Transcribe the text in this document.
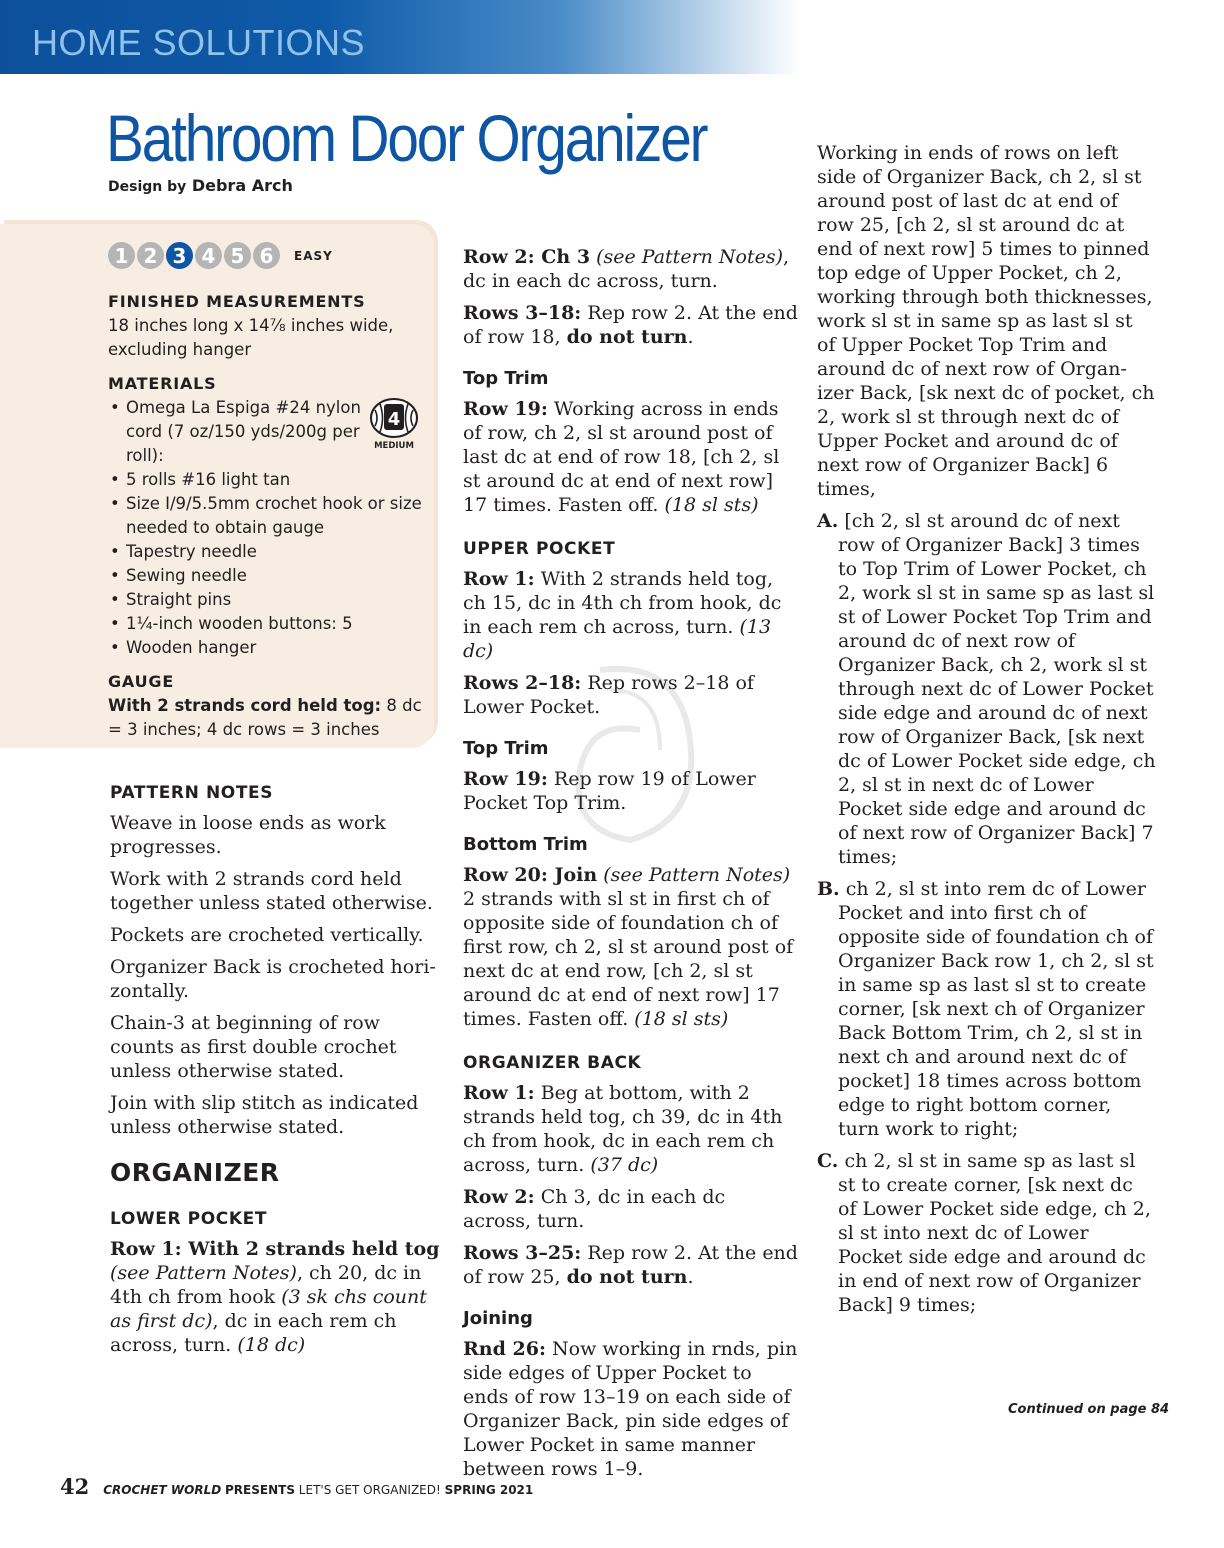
HOME SOLUTIONS
Bathroom Door Organizer
Design by Debra Arch
1 2 3 4 5 6	EASY
4
MEDIUM
FINISHED MEASUREMENTS

18 inches long x 14⅞ inches wide, excluding hanger

MATERIALS
• Omega La Espiga #24 nylon cord (7 oz/150 yds/200g per roll):
• 5 rolls #16 light tan
• Size I/9/5.5mm crochet hook or size needed to obtain gauge
• Tapestry needle
• Sewing needle
• Straight pins
• 1¼-inch wooden buttons: 5
• Wooden hanger
GAUGE

With 2 strands cord held tog: 8 dc = 3 inches; 4 dc rows = 3 inches

PATTERN NOTES

Weave in loose ends as work progresses.

Work with 2 strands cord held together unless stated otherwise.

Pockets are crocheted vertically.

Organizer Back is crocheted hori-zontally.

Chain-3 at beginning of row counts as first double crochet unless otherwise stated.

Join with slip stitch as indicated unless otherwise stated.

ORGANIZER
LOWER POCKET

Row 1: With 2 strands held tog (see Pattern Notes), ch 20, dc in 4th ch from hook (3 sk chs count as first dc), dc in each rem ch across, turn. (18 dc)

Row 2: Ch 3 (see Pattern Notes), dc in each dc across, turn.

Rows 3–18: Rep row 2. At the end of row 18, do not turn.

Top Trim

Row 19: Working across in ends of row, ch 2, sl st around post of last dc at end of row 18, [ch 2, sl st around dc at end of next row] 17 times. Fasten off. (18 sl sts)

UPPER POCKET

Row 1: With 2 strands held tog, ch 15, dc in 4th ch from hook, dc in each rem ch across, turn. (13 dc)

Rows 2–18: Rep rows 2–18 of Lower Pocket.

Top Trim

Row 19: Rep row 19 of Lower Pocket Top Trim.

Bottom Trim

Row 20: Join (see Pattern Notes) 2 strands with sl st in first ch of opposite side of foundation ch of first row, ch 2, sl st around post of next dc at end row, [ch 2, sl st around dc at end of next row] 17 times. Fasten off. (18 sl sts)

ORGANIZER BACK

Row 1: Beg at bottom, with 2 strands held tog, ch 39, dc in 4th ch from hook, dc in each rem ch across, turn. (37 dc)

Row 2: Ch 3, dc in each dc across, turn.

Rows 3–25: Rep row 2. At the end of row 25, do not turn.

Joining

Rnd 26: Now working in rnds, pin side edges of Upper Pocket to ends of row 13–19 on each side of Organizer Back, pin side edges of Lower Pocket in same manner between rows 1–9.

Working in ends of rows on left side of Organizer Back, ch 2, sl st around post of last dc at end of row 25, [ch 2, sl st around dc at end of next row] 5 times to pinned top edge of Upper Pocket, ch 2, working through both thicknesses, work sl st in same sp as last sl st of Upper Pocket Top Trim and around dc of next row of Organ-izer Back, [sk next dc of pocket, ch 2, work sl st through next dc of Upper Pocket and around dc of next row of Organizer Back] 6 times,

A. [ch 2, sl st around dc of next row of Organizer Back] 3 times to Top Trim of Lower Pocket, ch 2, work sl st in same sp as last sl st of Lower Pocket Top Trim and around dc of next row of Organizer Back, ch 2, work sl st through next dc of Lower Pocket side edge and around dc of next row of Organizer Back, [sk next dc of Lower Pocket side edge, ch 2, sl st in next dc of Lower Pocket side edge and around dc of next row of Organizer Back] 7 times;

B. ch 2, sl st into rem dc of Lower Pocket and into first ch of opposite side of foundation ch of Organizer Back row 1, ch 2, sl st in same sp as last sl st to create corner, [sk next ch of Organizer Back Bottom Trim, ch 2, sl st in next ch and around next dc of pocket] 18 times across bottom edge to right bottom corner, turn work to right;

C. ch 2, sl st in same sp as last sl st to create corner, [sk next dc of Lower Pocket side edge, ch 2, sl st into next dc of Lower Pocket side edge and around dc in end of next row of Organizer Back] 9 times;

Continued on page 84
42 CROCHET WORLD PRESENTS LET'S GET ORGANIZED! SPRING 2021
